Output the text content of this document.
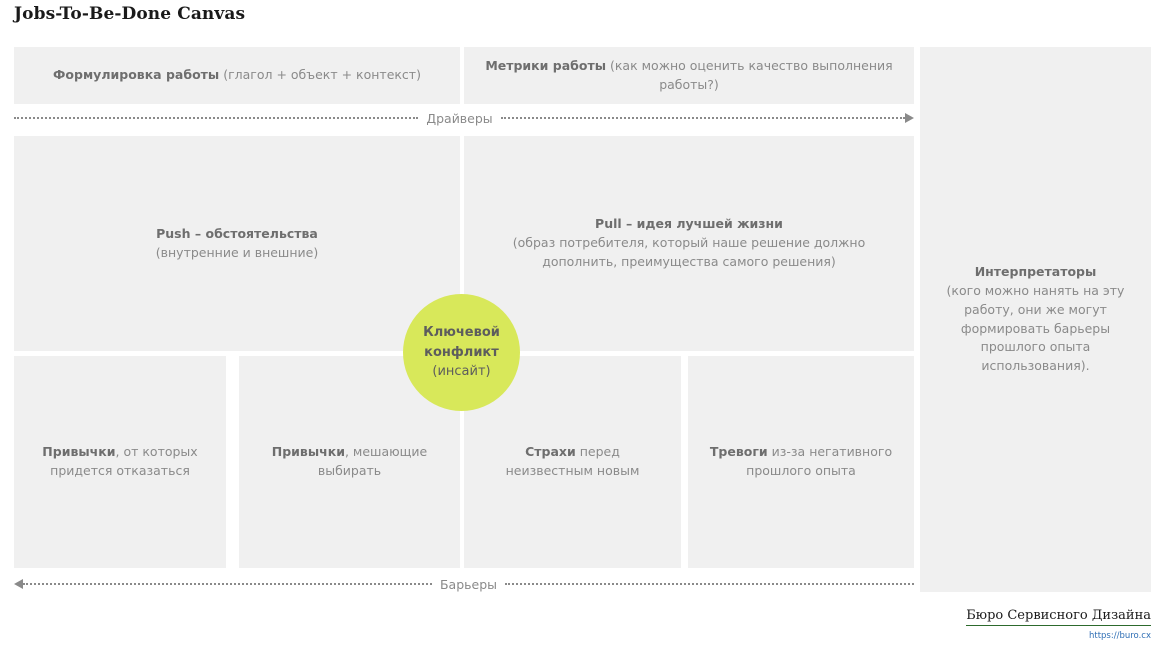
Jobs-To-Be-Done Canvas
Формулировка работы (глагол + объект + контекст)
Метрики работы (как можно оценить качество выполнения работы?)
Push – обстоятельства
(внутренние и внешние)
Pull – идея лучшей жизни
(образ потребителя, который наше решение должно дополнить, преимущества самого решения)
Привычки, от которых придется отказаться
Привычки, мешающие выбирать
Страхи перед неизвестным новым
Тревоги из-за негативного прошлого опыта
Интерпретаторы
(кого можно нанять на эту работу, они же могут формировать барьеры прошлого опыта использования).
Ключевой
конфликт
(инсайт)
Драйверы
Барьеры
Бюро Сервисного Дизайна
https://buro.cx
